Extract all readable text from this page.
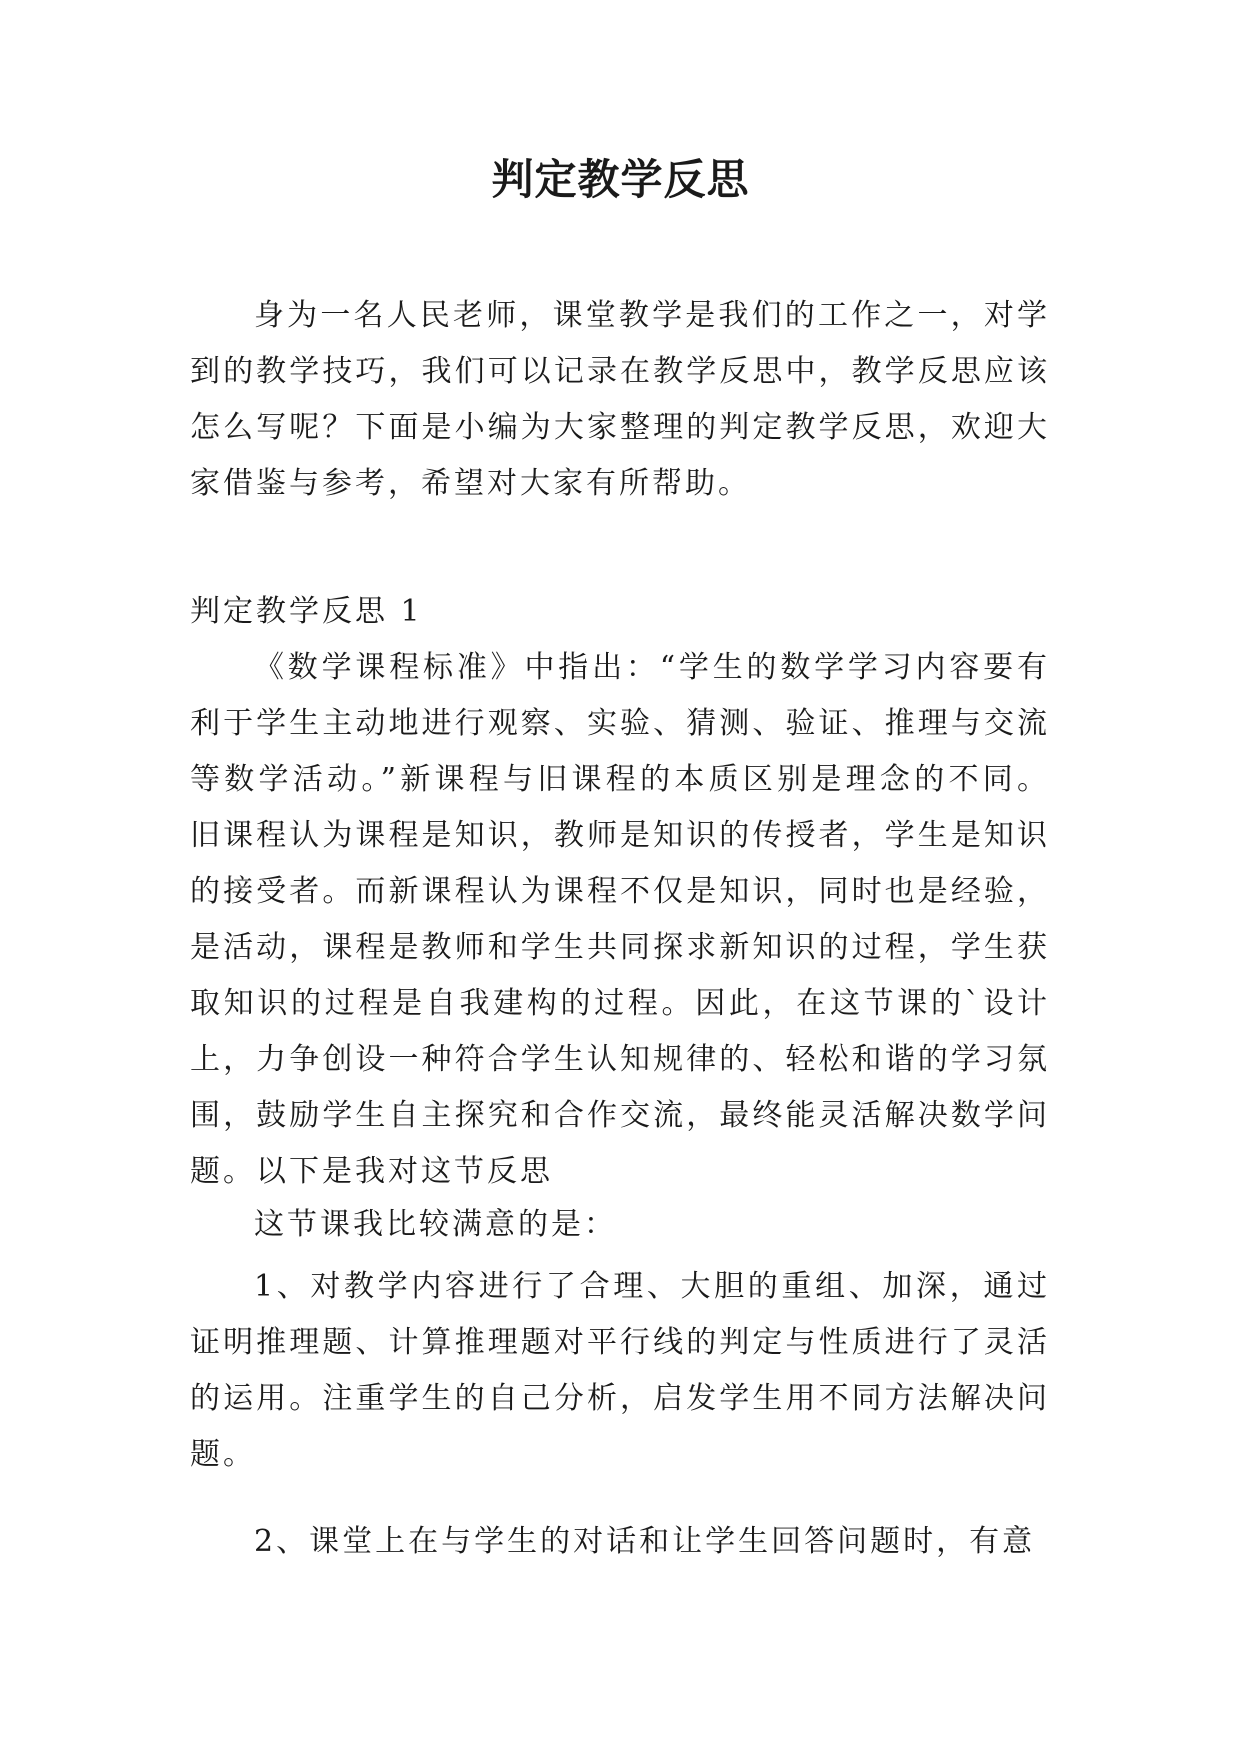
判定教学反思

身为一名人民老师，课堂教学是我们的工作之一，对学到的教学技巧，我们可以记录在教学反思中，教学反思应该怎么写呢？下面是小编为大家整理的判定教学反思，欢迎大家借鉴与参考，希望对大家有所帮助。

判定教学反思 1

《数学课程标准》中指出：“学生的数学学习内容要有利于学生主动地进行观察、实验、猜测、验证、推理与交流等数学活动。”新课程与旧课程的本质区别是理念的不同。旧课程认为课程是知识，教师是知识的传授者，学生是知识的接受者。而新课程认为课程不仅是知识，同时也是经验，是活动，课程是教师和学生共同探求新知识的过程，学生获取知识的过程是自我建构的过程。因此，在这节课的`设计上，力争创设一种符合学生认知规律的、轻松和谐的学习氛围，鼓励学生自主探究和合作交流，最终能灵活解决数学问题。以下是我对这节反思

这节课我比较满意的是：

1、对教学内容进行了合理、大胆的重组、加深，通过证明推理题、计算推理题对平行线的判定与性质进行了灵活的运用。注重学生的自己分析，启发学生用不同方法解决问题。

2、课堂上在与学生的对话和让学生回答问题时，有意
